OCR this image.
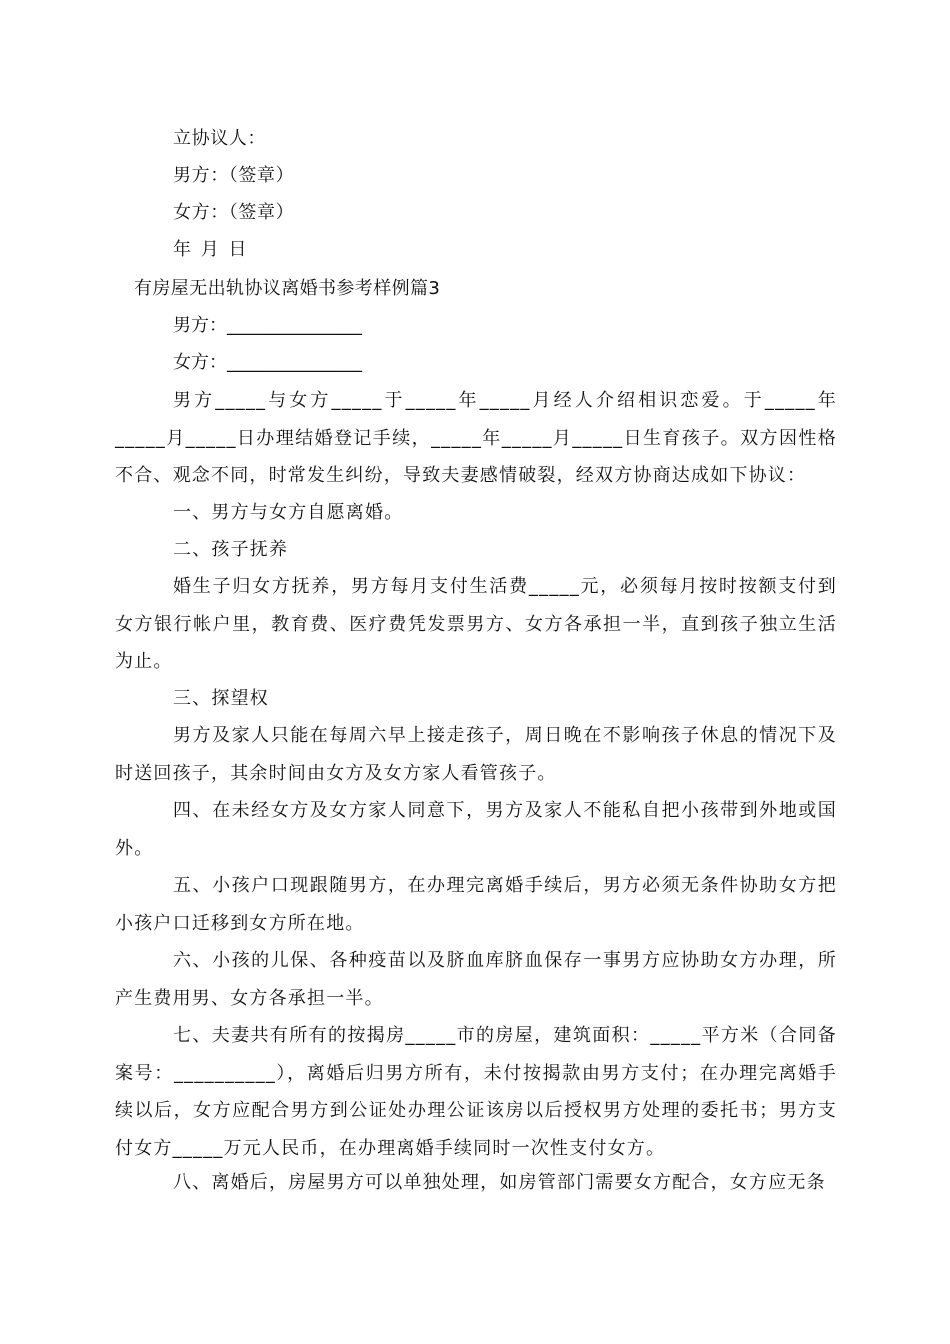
立协议人：
男方：（签章）
女方：（签章）
年 月 日
有房屋无出轨协议离婚书参考样例篇3
男方：_______________
女方：_______________
男方_____与女方_____于_____年_____月经人介绍相识恋爱。于_____年_____月_____日办理结婚登记手续，_____年_____月_____日生育孩子。双方因性格不合、观念不同，时常发生纠纷，导致夫妻感情破裂，经双方协商达成如下协议：
一、男方与女方自愿离婚。
二、孩子抚养
婚生子归女方抚养，男方每月支付生活费_____元，必须每月按时按额支付到女方银行帐户里，教育费、医疗费凭发票男方、女方各承担一半，直到孩子独立生活为止。
三、探望权
男方及家人只能在每周六早上接走孩子，周日晚在不影响孩子休息的情况下及时送回孩子，其余时间由女方及女方家人看管孩子。
四、在未经女方及女方家人同意下，男方及家人不能私自把小孩带到外地或国外。
五、小孩户口现跟随男方，在办理完离婚手续后，男方必须无条件协助女方把小孩户口迁移到女方所在地。
六、小孩的儿保、各种疫苗以及脐血库脐血保存一事男方应协助女方办理，所产生费用男、女方各承担一半。
七、夫妻共有所有的按揭房_____市的房屋，建筑面积：_____平方米（合同备案号：__________），离婚后归男方所有，未付按揭款由男方支付；在办理完离婚手续以后，女方应配合男方到公证处办理公证该房以后授权男方处理的委托书；男方支付女方_____万元人民币，在办理离婚手续同时一次性支付女方。
八、离婚后，房屋男方可以单独处理，如房管部门需要女方配合，女方应无条
